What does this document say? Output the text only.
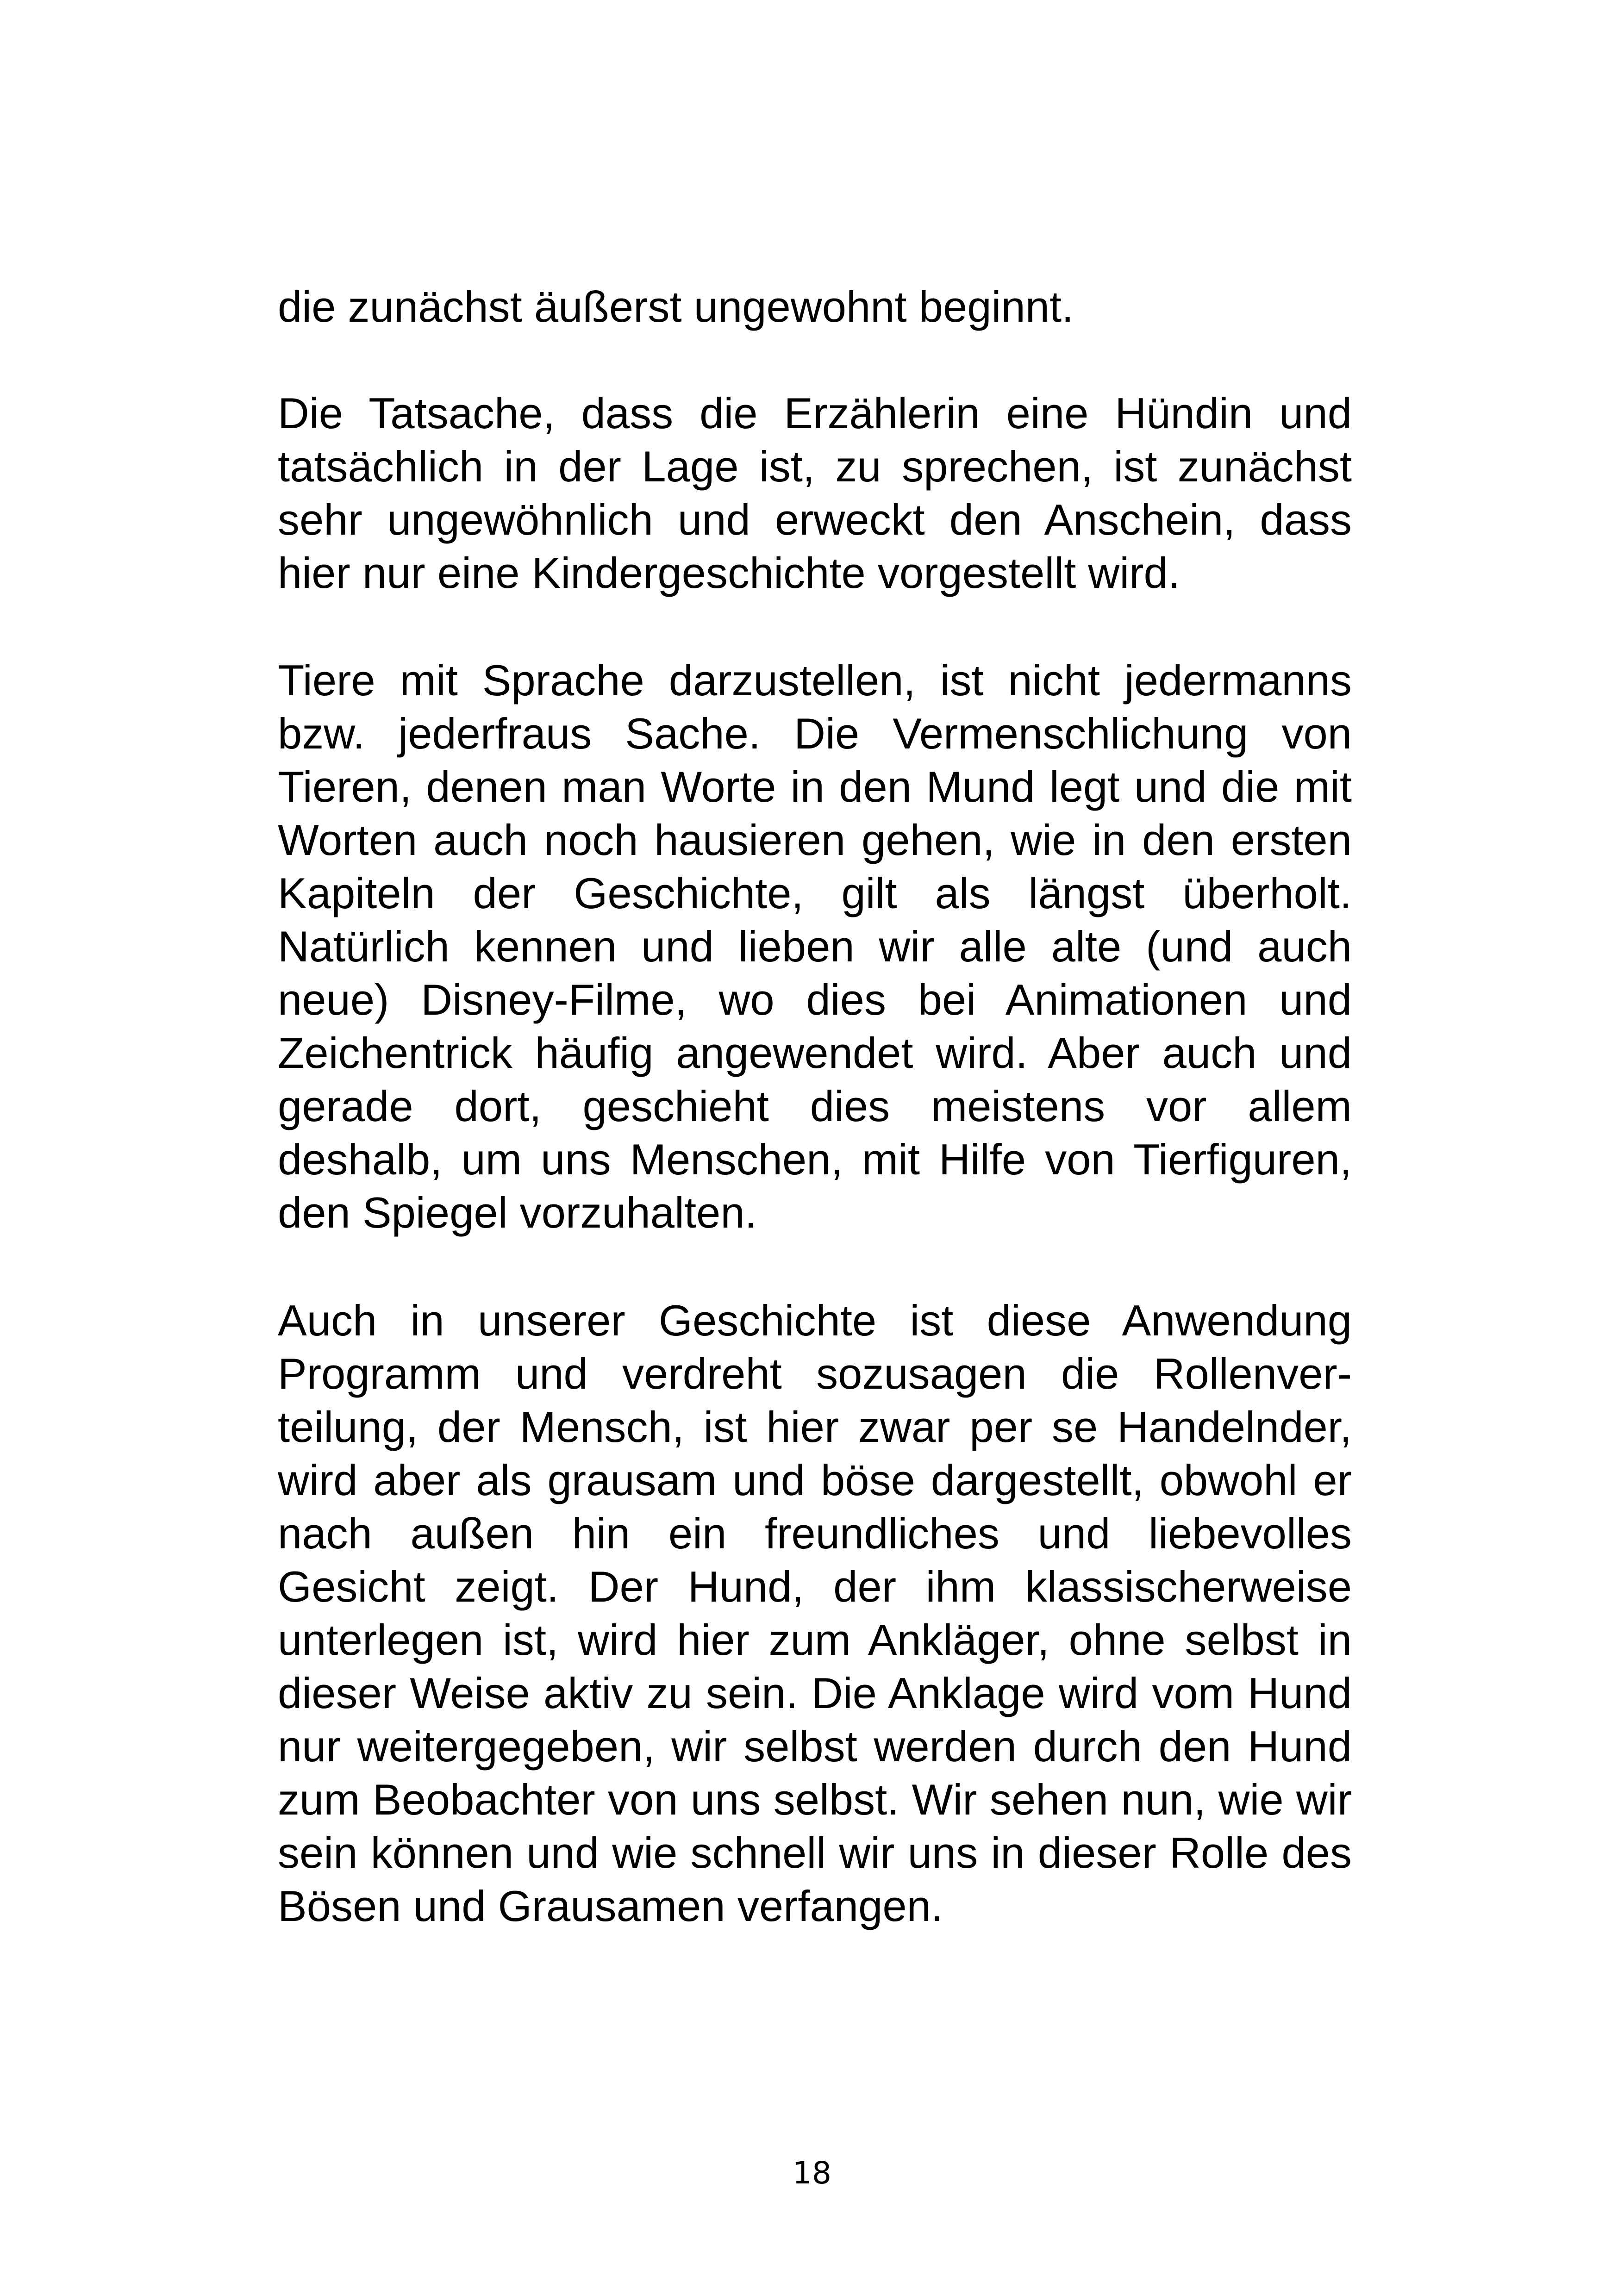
die zunächst äußerst ungewohnt beginnt.

Die Tatsache, dass die Erzählerin eine Hündin und tatsächlich in der Lage ist, zu sprechen, ist zunächst sehr ungewöhnlich und erweckt den Anschein, dass hier nur eine Kindergeschichte vorgestellt wird.

Tiere mit Sprache darzustellen, ist nicht jedermanns bzw. jederfraus Sache. Die Vermenschlichung von Tieren, denen man Worte in den Mund legt und die mit Worten auch noch hausieren gehen, wie in den ersten Kapiteln der Geschichte, gilt als längst überholt. Natürlich kennen und lieben wir alle alte (und auch neue) Disney-Filme, wo dies bei Animationen und Zeichentrick häufig angewendet wird. Aber auch und gerade dort, geschieht dies meistens vor allem deshalb, um uns Menschen, mit Hilfe von Tierfiguren, den Spiegel vorzuhalten.

Auch in unserer Geschichte ist diese Anwendung Programm und verdreht sozusagen die Rollenverteilung, der Mensch, ist hier zwar per se Handelnder, wird aber als grausam und böse dargestellt, obwohl er nach außen hin ein freundliches und liebevolles Gesicht zeigt. Der Hund, der ihm klassischerweise unterlegen ist, wird hier zum Ankläger, ohne selbst in dieser Weise aktiv zu sein. Die Anklage wird vom Hund nur weitergegeben, wir selbst werden durch den Hund zum Beobachter von uns selbst. Wir sehen nun, wie wir sein können und wie schnell wir uns in dieser Rolle des Bösen und Grausamen verfangen.

18
